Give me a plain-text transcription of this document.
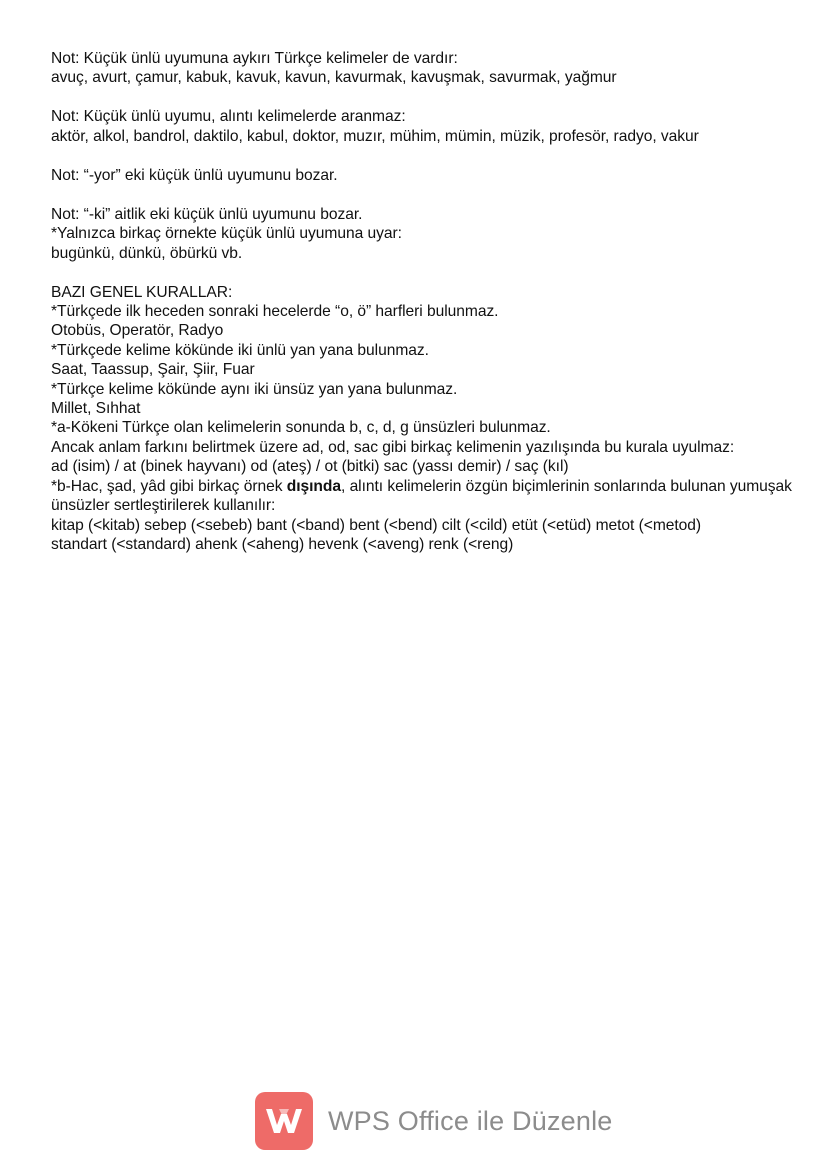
Not: Küçük ünlü uyumuna aykırı Türkçe kelimeler de vardır:
avuç, avurt, çamur, kabuk, kavuk, kavun, kavurmak, kavuşmak, savurmak, yağmur
Not: Küçük ünlü uyumu, alıntı kelimelerde aranmaz:
aktör, alkol, bandrol, daktilo, kabul, doktor, muzır, mühim, mümin, müzik, profesör, radyo, vakur
Not: “-yor” eki küçük ünlü uyumunu bozar.
Not: “-ki” aitlik eki küçük ünlü uyumunu bozar.
*Yalnızca birkaç örnekte küçük ünlü uyumuna uyar:
bugünkü, dünkü, öbürkü vb.
BAZI GENEL KURALLAR:
*Türkçede ilk heceden sonraki hecelerde “o, ö” harfleri bulunmaz.
Otobüs, Operatör, Radyo
*Türkçede kelime kökünde iki ünlü yan yana bulunmaz.
Saat, Taassup, Şair, Şiir, Fuar
*Türkçe kelime kökünde aynı iki ünsüz yan yana bulunmaz.
Millet, Sıhhat
*a-Kökeni Türkçe olan kelimelerin sonunda b, c, d, g ünsüzleri bulunmaz.
Ancak anlam farkını belirtmek üzere ad, od, sac gibi birkaç kelimenin yazılışında bu kurala uyulmaz:
ad (isim) / at (binek hayvanı) od (ateş) / ot (bitki) sac (yassı demir) / saç (kıl)
*b-Hac, şad, yâd gibi birkaç örnek dışında, alıntı kelimelerin özgün biçimlerinin sonlarında bulunan yumuşak ünsüzler sertleştirilerek kullanılır:
kitap (<kitab) sebep (<sebeb) bant (<band) bent (<bend) cilt (<cild) etüt (<etüd) metot (<metod)
standart (<standard) ahenk (<aheng) hevenk (<aveng) renk (<reng)
WPS Office ile Düzenle
